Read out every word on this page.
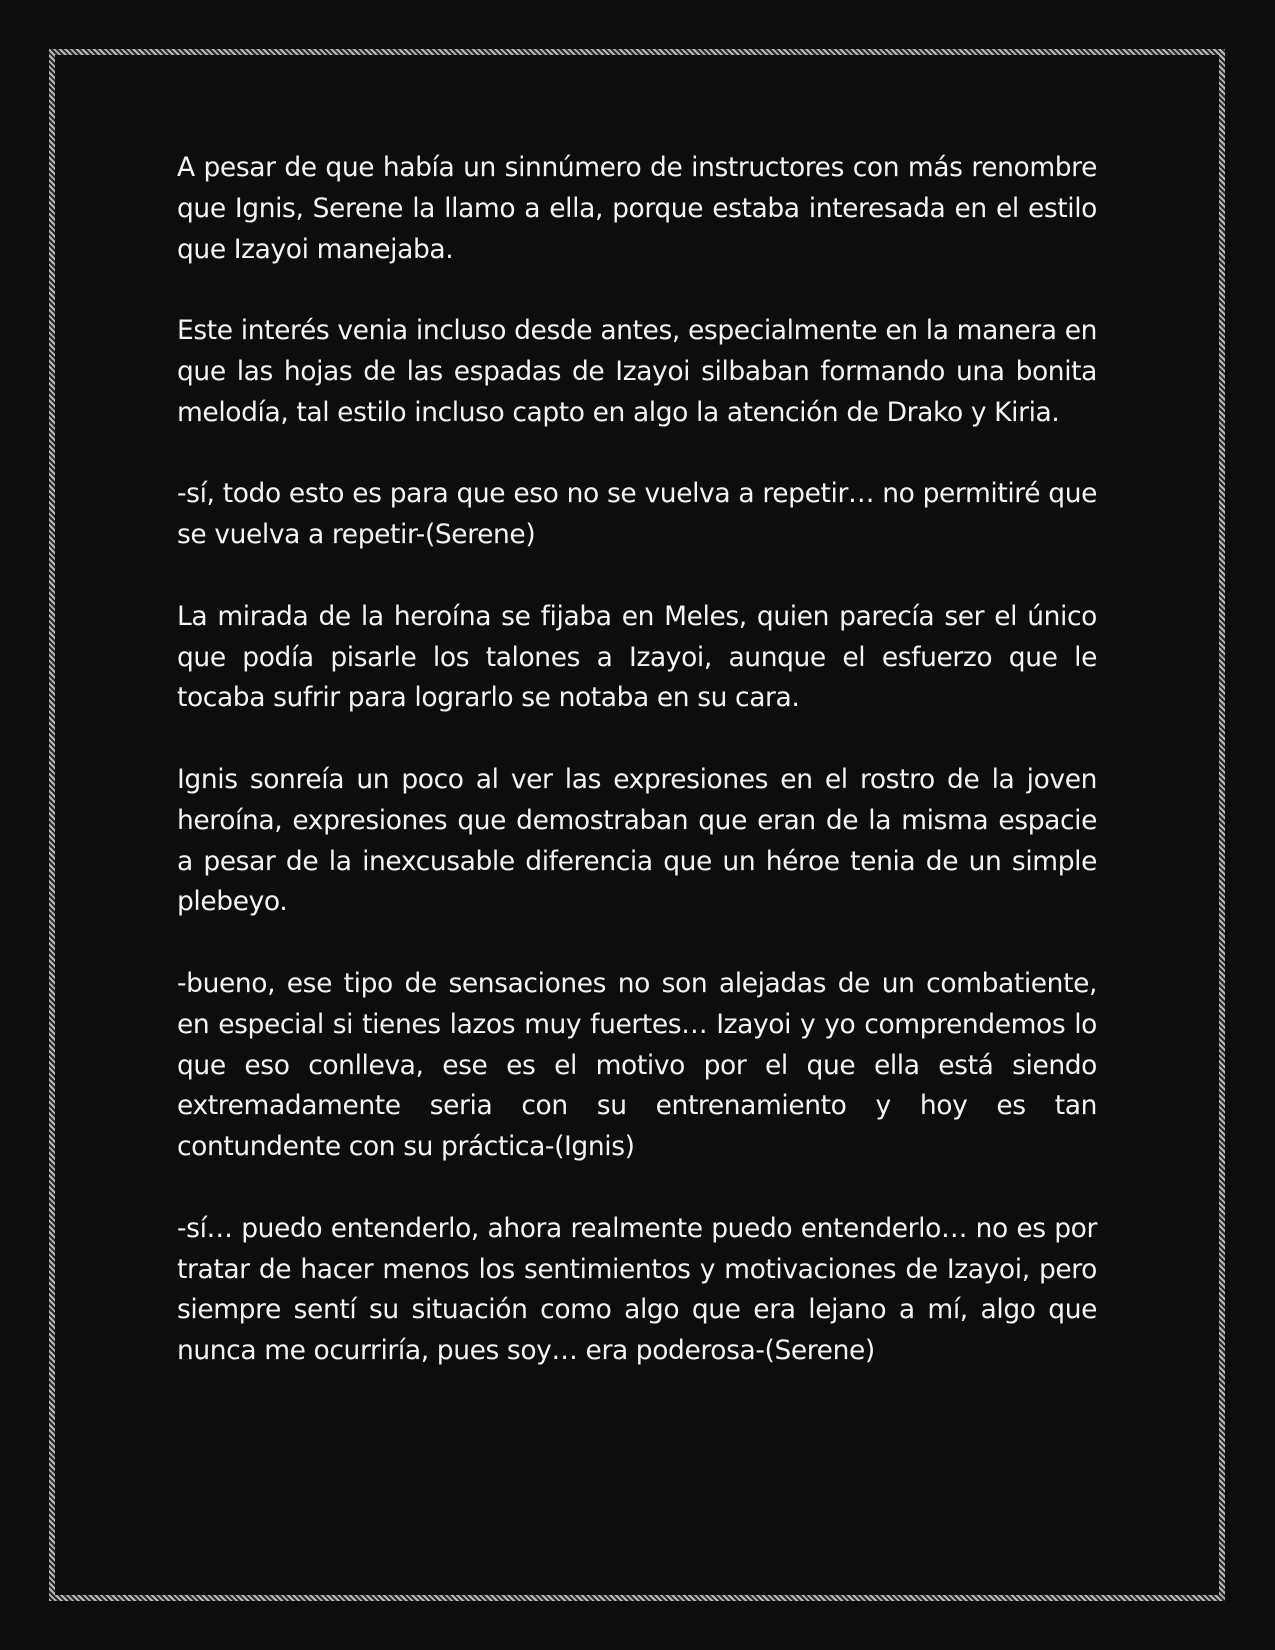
A pesar de que había un sinnúmero de instructores con más renombre que Ignis, Serene la llamo a ella, porque estaba interesada en el estilo que Izayoi manejaba.

Este interés venia incluso desde antes, especialmente en la manera en que las hojas de las espadas de Izayoi silbaban formando una bonita melodía, tal estilo incluso capto en algo la atención de Drako y Kiria.

-sí, todo esto es para que eso no se vuelva a repetir… no permitiré que se vuelva a repetir-(Serene)

La mirada de la heroína se fijaba en Meles, quien parecía ser el único que podía pisarle los talones a Izayoi, aunque el esfuerzo que le tocaba sufrir para lograrlo se notaba en su cara.

Ignis sonreía un poco al ver las expresiones en el rostro de la joven heroína, expresiones que demostraban que eran de la misma espacie a pesar de la inexcusable diferencia que un héroe tenia de un simple plebeyo.

-bueno, ese tipo de sensaciones no son alejadas de un combatiente, en especial si tienes lazos muy fuertes… Izayoi y yo comprendemos lo que eso conlleva, ese es el motivo por el que ella está siendo extremadamente seria con su entrenamiento y hoy es tan contundente con su práctica-(Ignis)

-sí… puedo entenderlo, ahora realmente puedo entenderlo… no es por tratar de hacer menos los sentimientos y motivaciones de Izayoi, pero siempre sentí su situación como algo que era lejano a mí, algo que nunca me ocurriría, pues soy… era poderosa-(Serene)
